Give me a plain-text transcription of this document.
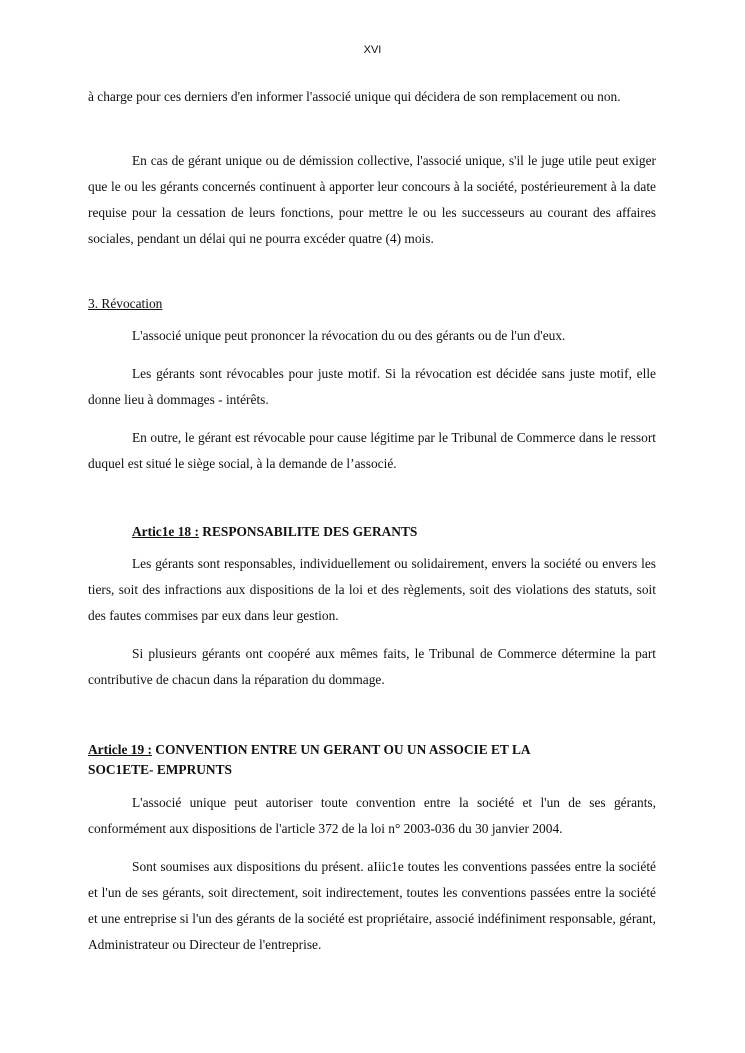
XVI

à charge pour ces derniers d'en informer l'associé unique qui décidera de son remplacement ou non.

En cas de gérant unique ou de démission collective, l'associé unique, s'il le juge utile peut exiger que le ou les gérants concernés continuent à apporter leur concours à la société, postérieurement à la date requise pour la cessation de leurs fonctions, pour mettre le ou les successeurs au courant des affaires sociales, pendant un délai qui ne pourra excéder quatre (4) mois.

3. Révocation

L'associé unique peut prononcer la révocation du ou des gérants ou de l'un d'eux.

Les gérants sont révocables pour juste motif. Si la révocation est décidée sans juste motif, elle donne lieu à dommages - intérêts.

En outre, le gérant est révocable pour cause légitime par le Tribunal de Commerce dans le ressort duquel est situé le siège social, à la demande de l’associé.

Artic1e 18 : RESPONSABILITE DES GERANTS

Les gérants sont responsables, individuellement ou solidairement, envers la société ou envers les tiers, soit des infractions aux dispositions de la loi et des règlements, soit des violations des statuts, soit des fautes commises par eux dans leur gestion.

Si plusieurs gérants ont coopéré aux mêmes faits, le Tribunal de Commerce détermine la part contributive de chacun dans la réparation du dommage.

Article 19 : CONVENTION ENTRE UN GERANT OU UN ASSOCIE ET LA
SOC1ETE- EMPRUNTS

L'associé unique peut autoriser toute convention entre la société et l'un de ses gérants, conformément aux dispositions de l'article 372 de la loi n° 2003-036 du 30 janvier 2004.

Sont soumises aux dispositions du présent. aIiic1e toutes les conventions passées entre la société et l'un de ses gérants, soit directement, soit indirectement, toutes les conventions passées entre la société et une entreprise si l'un des gérants de la société est propriétaire, associé indéfiniment responsable, gérant, Administrateur ou Directeur de l'entreprise.
